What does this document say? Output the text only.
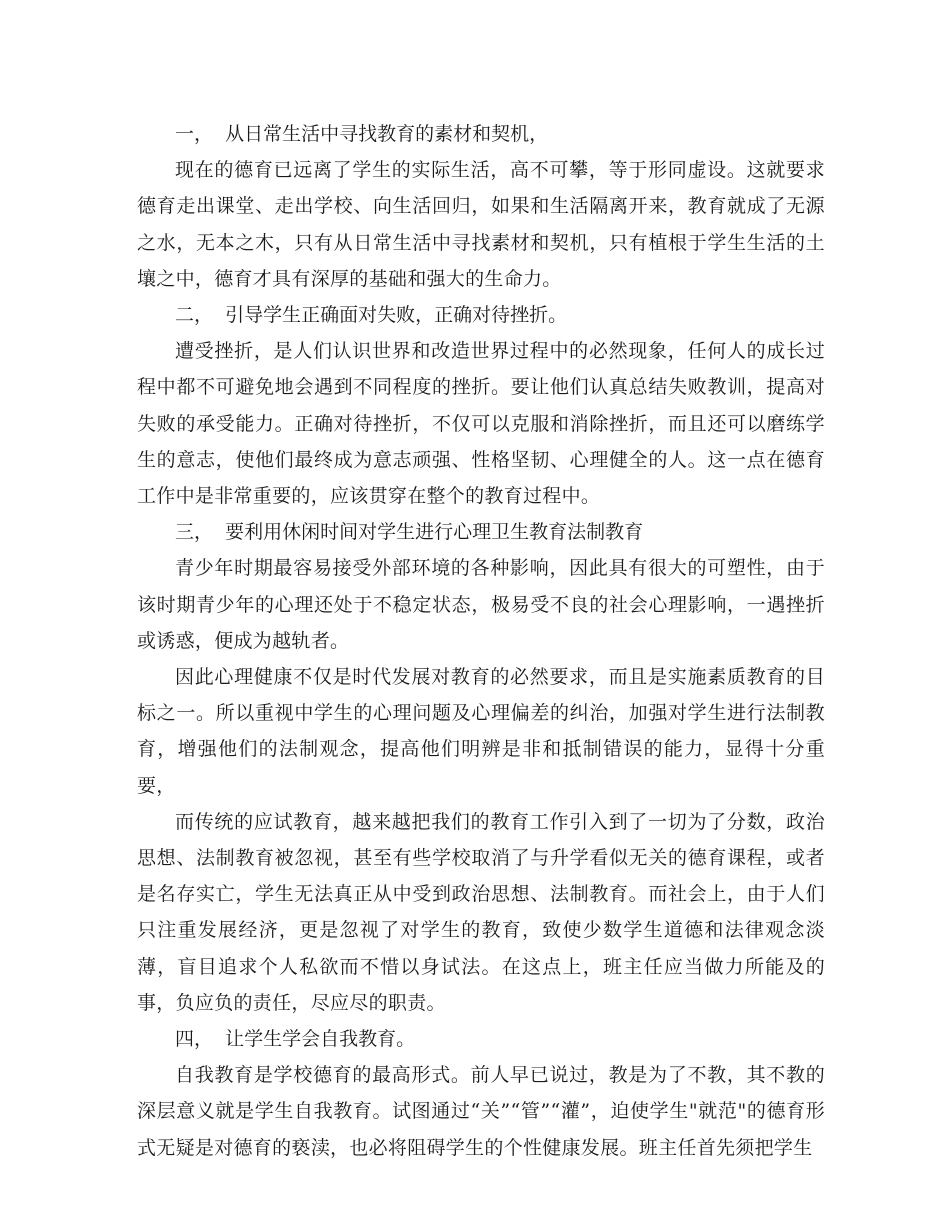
一，  从日常生活中寻找教育的素材和契机，

现在的德育已远离了学生的实际生活，高不可攀，等于形同虚设。这就要求德育走出课堂、走出学校、向生活回归，如果和生活隔离开来，教育就成了无源之水，无本之木，只有从日常生活中寻找素材和契机，只有植根于学生生活的土壤之中，德育才具有深厚的基础和强大的生命力。

二，  引导学生正确面对失败，正确对待挫折。

遭受挫折，是人们认识世界和改造世界过程中的必然现象，任何人的成长过程中都不可避免地会遇到不同程度的挫折。要让他们认真总结失败教训，提高对失败的承受能力。正确对待挫折，不仅可以克服和消除挫折，而且还可以磨练学生的意志，使他们最终成为意志顽强、性格坚韧、心理健全的人。这一点在德育工作中是非常重要的，应该贯穿在整个的教育过程中。

三，  要利用休闲时间对学生进行心理卫生教育法制教育

青少年时期最容易接受外部环境的各种影响，因此具有很大的可塑性，由于该时期青少年的心理还处于不稳定状态，极易受不良的社会心理影响，一遇挫折或诱惑，便成为越轨者。

因此心理健康不仅是时代发展对教育的必然要求，而且是实施素质教育的目标之一。所以重视中学生的心理问题及心理偏差的纠治，加强对学生进行法制教育，增强他们的法制观念，提高他们明辨是非和抵制错误的能力，显得十分重要，

而传统的应试教育，越来越把我们的教育工作引入到了一切为了分数，政治思想、法制教育被忽视，甚至有些学校取消了与升学看似无关的德育课程，或者是名存实亡，学生无法真正从中受到政治思想、法制教育。而社会上，由于人们只注重发展经济，更是忽视了对学生的教育，致使少数学生道德和法律观念淡薄，盲目追求个人私欲而不惜以身试法。在这点上，班主任应当做力所能及的事，负应负的责任，尽应尽的职责。

四，  让学生学会自我教育。

自我教育是学校德育的最高形式。前人早已说过，教是为了不教，其不教的深层意义就是学生自我教育。试图通过“关”“管”“灌”，迫使学生"就范"的德育形式无疑是对德育的亵渎，也必将阻碍学生的个性健康发展。班主任首先须把学生
